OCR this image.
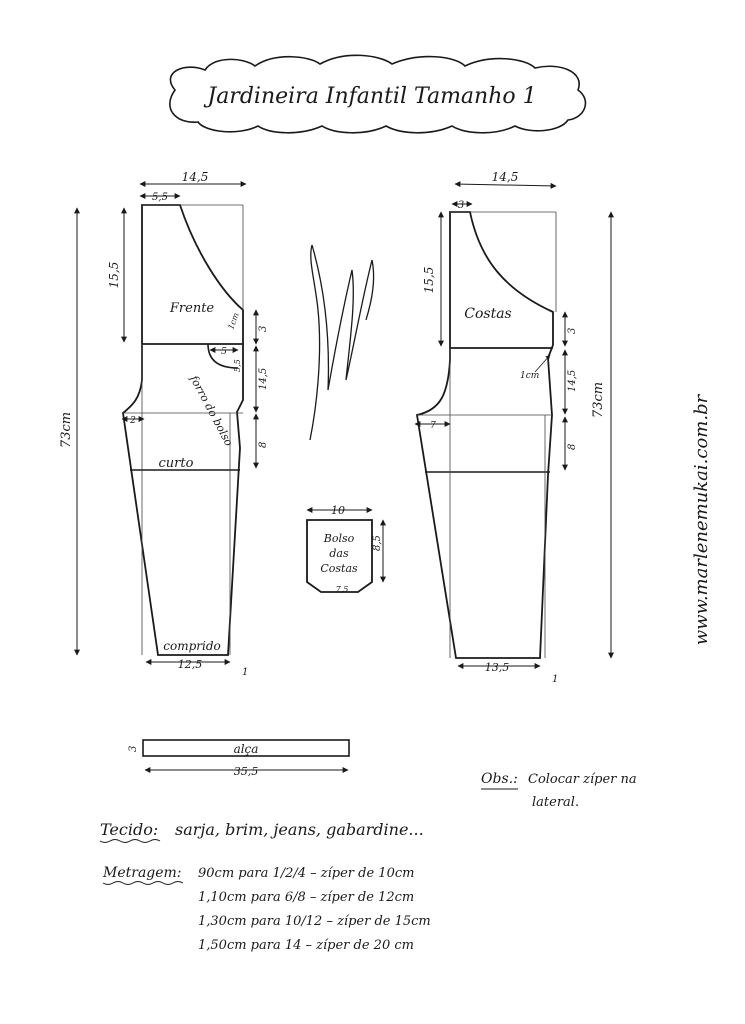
Jardineira Infantil Tamanho 1
14,5
5,5
15,5
73cm
Frente
1cm 3
5
5,5
14,5
forro do bolso
2
8
curto
comprido
12,5
1
14,5
3
15,5
73cm
Costas
3
1cm	14,5
7
8
13,5
1
10
8,5
Bolso
das
Costas
7,5
alça
3
35,5	Obs.: Colocar zíper na
lateral.
Tecido: sarja, brim, jeans, gabardine...
Metragem: 90cm para 1/2/4 – zíper de 10cm
1,10cm para 6/8 – zíper de 12cm
1,30cm para 10/12 – zíper de 15cm
1,50cm para 14 – zíper de 20 cm
www.marlenemukai.com.br
